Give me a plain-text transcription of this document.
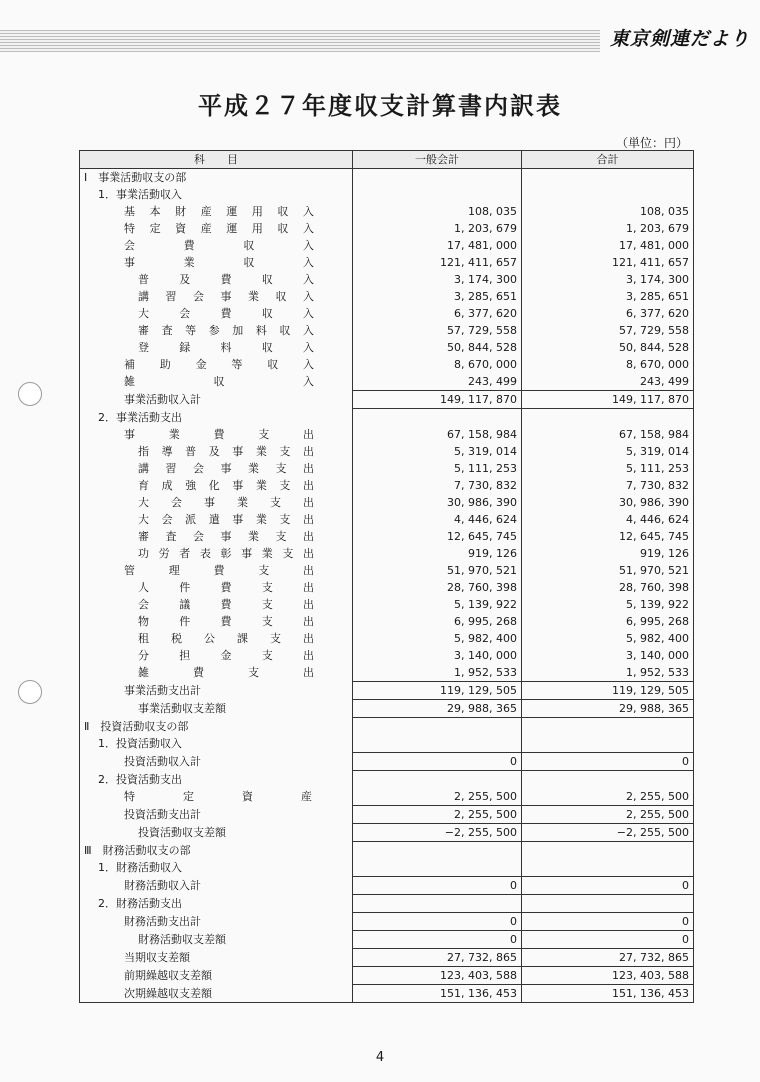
東京剣連だより
平成２７年度収支計算書内訳表
（単位：円）
科　　目	一般会計	合計
Ⅰ　事業活動収支の部		
1．事業活動収入		
基本財産運用収入	108, 035	108, 035
特定資産運用収入	1, 203, 679	1, 203, 679
会費収入	17, 481, 000	17, 481, 000
事業収入	121, 411, 657	121, 411, 657
普及費収入	3, 174, 300	3, 174, 300
講習会事業収入	3, 285, 651	3, 285, 651
大会費収入	6, 377, 620	6, 377, 620
審査等参加料収入	57, 729, 558	57, 729, 558
登録料収入	50, 844, 528	50, 844, 528
補助金等収入	8, 670, 000	8, 670, 000
雑収入	243, 499	243, 499
事業活動収入計	149, 117, 870	149, 117, 870
2．事業活動支出		
事業費支出	67, 158, 984	67, 158, 984
指導普及事業支出	5, 319, 014	5, 319, 014
講習会事業支出	5, 111, 253	5, 111, 253
育成強化事業支出	7, 730, 832	7, 730, 832
大会事業支出	30, 986, 390	30, 986, 390
大会派遣事業支出	4, 446, 624	4, 446, 624
審査会事業支出	12, 645, 745	12, 645, 745
功労者表彰事業支出	919, 126	919, 126
管理費支出	51, 970, 521	51, 970, 521
人件費支出	28, 760, 398	28, 760, 398
会議費支出	5, 139, 922	5, 139, 922
物件費支出	6, 995, 268	6, 995, 268
租税公課支出	5, 982, 400	5, 982, 400
分担金支出	3, 140, 000	3, 140, 000
雑費支出	1, 952, 533	1, 952, 533
事業活動支出計	119, 129, 505	119, 129, 505
事業活動収支差額	29, 988, 365	29, 988, 365
Ⅱ　投資活動収支の部		
1．投資活動収入		
投資活動収入計	0	0
2．投資活動支出		
特定資産	2, 255, 500	2, 255, 500
投資活動支出計	2, 255, 500	2, 255, 500
投資活動収支差額	−2, 255, 500	−2, 255, 500
Ⅲ　財務活動収支の部		
1．財務活動収入		
財務活動収入計	0	0
2．財務活動支出		
財務活動支出計	0	0
財務活動収支差額	0	0
当期収支差額	27, 732, 865	27, 732, 865
前期繰越収支差額	123, 403, 588	123, 403, 588
次期繰越収支差額	151, 136, 453	151, 136, 453
4
